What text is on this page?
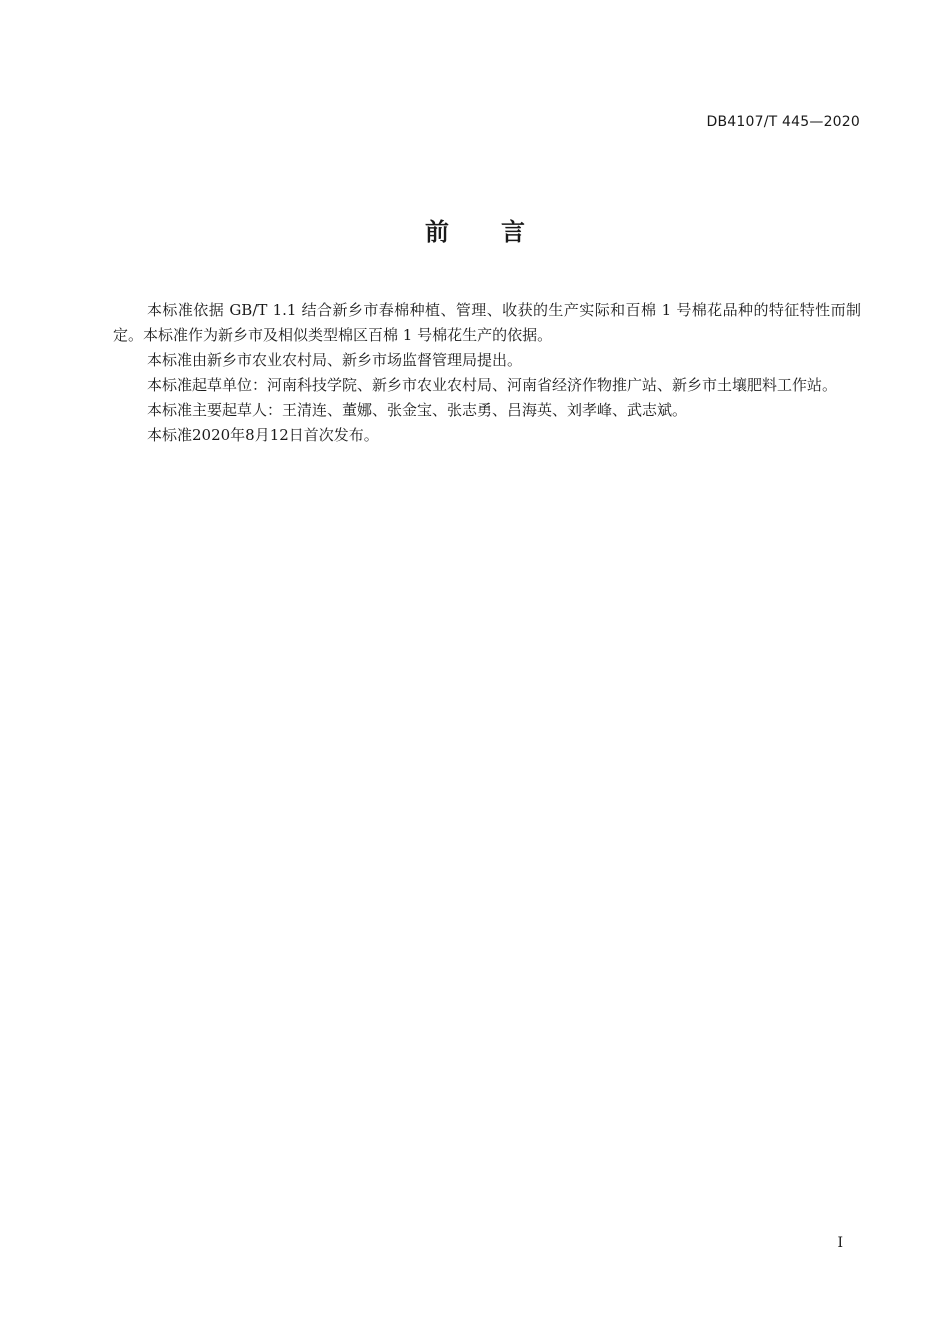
DB4107/T 445—2020
前言

本标准依据 GB/T 1.1 结合新乡市春棉种植、管理、收获的生产实际和百棉 1 号棉花品种的特征特性而制定。本标准作为新乡市及相似类型棉区百棉 1 号棉花生产的依据。

本标准由新乡市农业农村局、新乡市场监督管理局提出。

本标准起草单位：河南科技学院、新乡市农业农村局、河南省经济作物推广站、新乡市土壤肥料工作站。

本标准主要起草人：王清连、董娜、张金宝、张志勇、吕海英、刘孝峰、武志斌。

本标准2020年8月12日首次发布。

I
